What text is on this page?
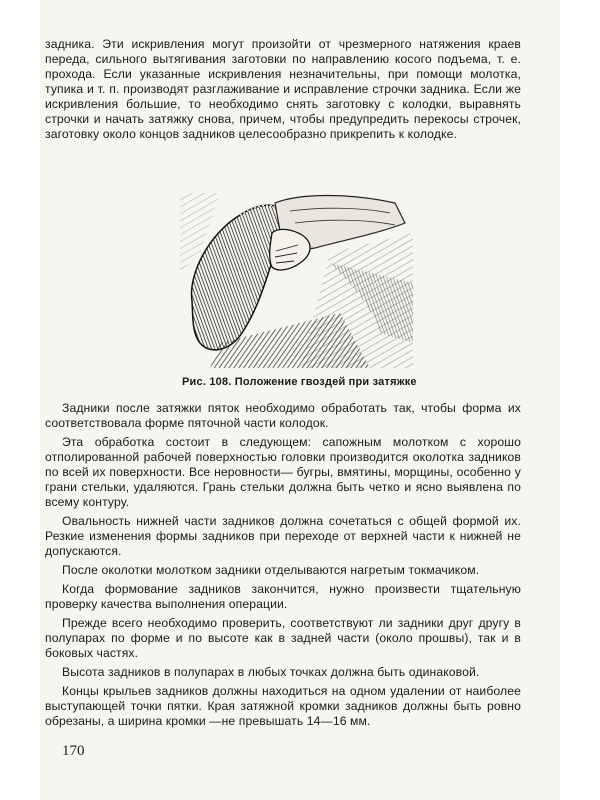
задника. Эти искривления могут произойти от чрезмерного натяжения краев переда, сильного вытягивания заготовки по направлению косого подъема, т. е. прохода. Если указанные искривления незначительны, при помощи молотка, тупика и т. п. производят разглаживание и исправление строчки задника. Если же искривления большие, то необходимо снять заготовку с колодки, выравнять строчки и начать затяжку снова, причем, чтобы предупредить перекосы строчек, заготовку около концов задников целесообразно прикрепить к колодке.

Рис. 108. Положение гвоздей при затяжке

Задники после затяжки пяток необходимо обработать так, чтобы форма их соответствовала форме пяточной части колодок.

Эта обработка состоит в следующем: сапожным молотком с хорошо отполированной рабочей поверхностью головки производится околотка задников по всей их поверхности. Все неровности— бугры, вмятины, морщины, особенно у грани стельки, удаляются. Грань стельки должна быть четко и ясно выявлена по всему контуру.

Овальность нижней части задников должна сочетаться с общей формой их. Резкие изменения формы задников при переходе от верхней части к нижней не допускаются.

После околотки молотком задники отделываются нагретым токмачиком.

Когда формование задников закончится, нужно произвести тщательную проверку качества выполнения операции.

Прежде всего необходимо проверить, соответствуют ли задники друг другу в полупарах по форме и по высоте как в задней части (около прошвы), так и в боковых частях.

Высота задников в полупарах в любых точках должна быть одинаковой.

Концы крыльев задников должны находиться на одном удалении от наиболее выступающей точки пятки. Края затяжной кромки задников должны быть ровно обрезаны, а ширина кромки —не превышать 14—16 мм.

170
